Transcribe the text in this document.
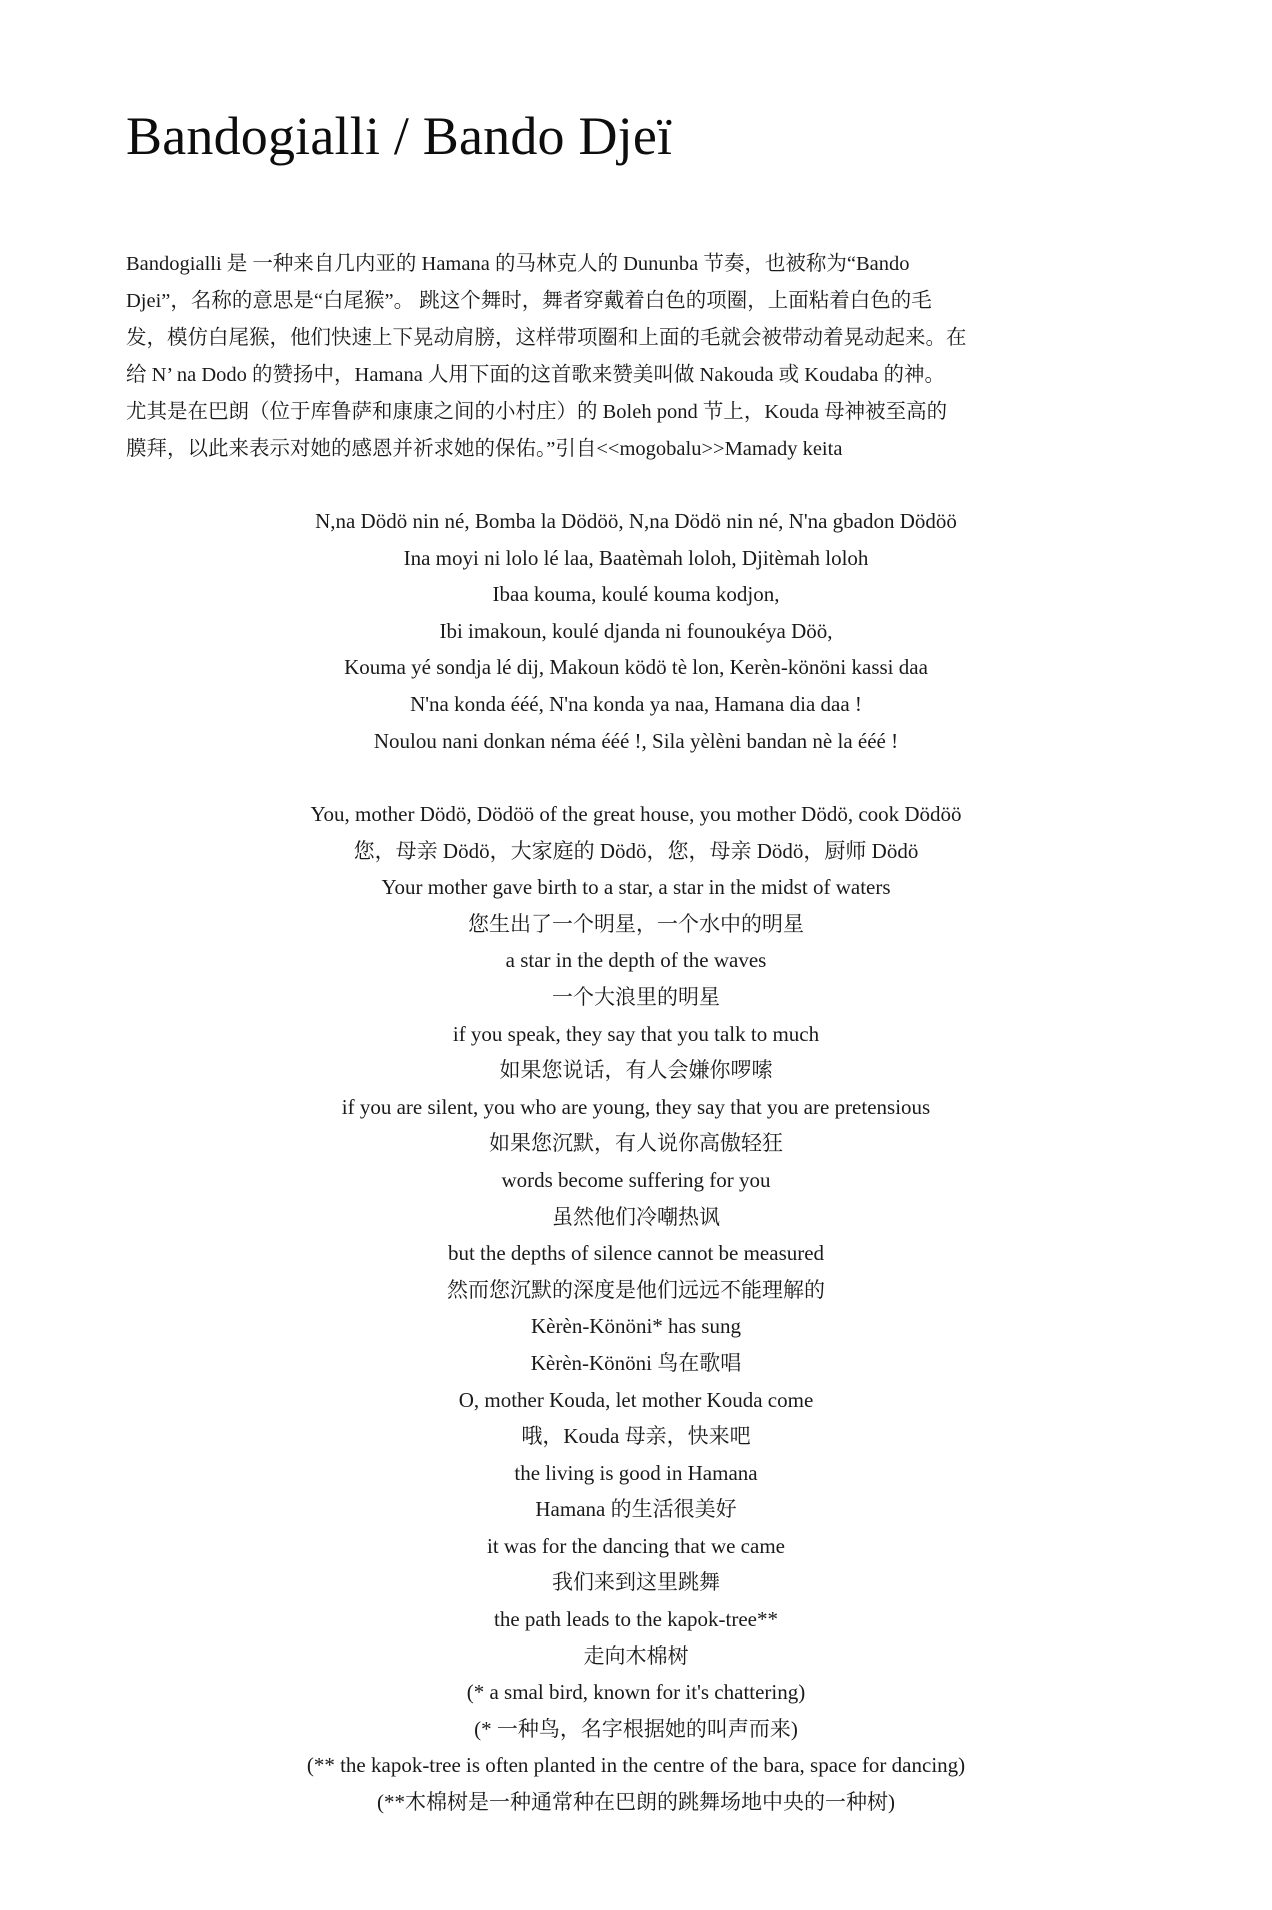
Bandogialli / Bando Djeï

Bandogialli 是 一种来自几内亚的 Hamana 的马林克人的 Dununba 节奏，也被称为“Bando
Djei”，名称的意思是“白尾猴”。 跳这个舞时，舞者穿戴着白色的项圈，上面粘着白色的毛
发，模仿白尾猴，他们快速上下晃动肩膀，这样带项圈和上面的毛就会被带动着晃动起来。在
给 N’ na Dodo 的赞扬中，Hamana 人用下面的这首歌来赞美叫做 Nakouda 或 Koudaba 的神。
尤其是在巴朗（位于库鲁萨和康康之间的小村庄）的 Boleh pond 节上，Kouda 母神被至高的
膜拜，以此来表示对她的感恩并祈求她的保佑。”引自<<mogobalu>>Mamady keita

N,na Dödö nin né, Bomba la Dödöö, N,na Dödö nin né, N'na gbadon Dödöö
Ina moyi ni lolo lé laa, Baatèmah loloh, Djitèmah loloh
Ibaa kouma, koulé kouma kodjon,
Ibi imakoun, koulé djanda ni founoukéya Döö,
Kouma yé sondja lé dij, Makoun ködö tè lon, Kerèn-könöni kassi daa
N'na konda ééé, N'na konda ya naa, Hamana dia daa !
Noulou nani donkan néma ééé !, Sila yèlèni bandan nè la ééé !
You, mother Dödö, Dödöö of the great house, you mother Dödö, cook Dödöö
您，母亲 Dödö，大家庭的 Dödö，您，母亲 Dödö，厨师 Dödö
Your mother gave birth to a star, a star in the midst of waters
您生出了一个明星，一个水中的明星
a star in the depth of the waves
一个大浪里的明星
if you speak, they say that you talk to much
如果您说话，有人会嫌你啰嗦
if you are silent, you who are young, they say that you are pretensious
如果您沉默，有人说你高傲轻狂
words become suffering for you
虽然他们冷嘲热讽
but the depths of silence cannot be measured
然而您沉默的深度是他们远远不能理解的
Kèrèn-Könöni* has sung
Kèrèn-Könöni 鸟在歌唱
O, mother Kouda, let mother Kouda come
哦，Kouda 母亲，快来吧
the living is good in Hamana
Hamana 的生活很美好
it was for the dancing that we came
我们来到这里跳舞
the path leads to the kapok-tree**
走向木棉树
(* a smal bird, known for it's chattering)
(* 一种鸟，名字根据她的叫声而来)
(** the kapok-tree is often planted in the centre of the bara, space for dancing)
(**木棉树是一种通常种在巴朗的跳舞场地中央的一种树)
